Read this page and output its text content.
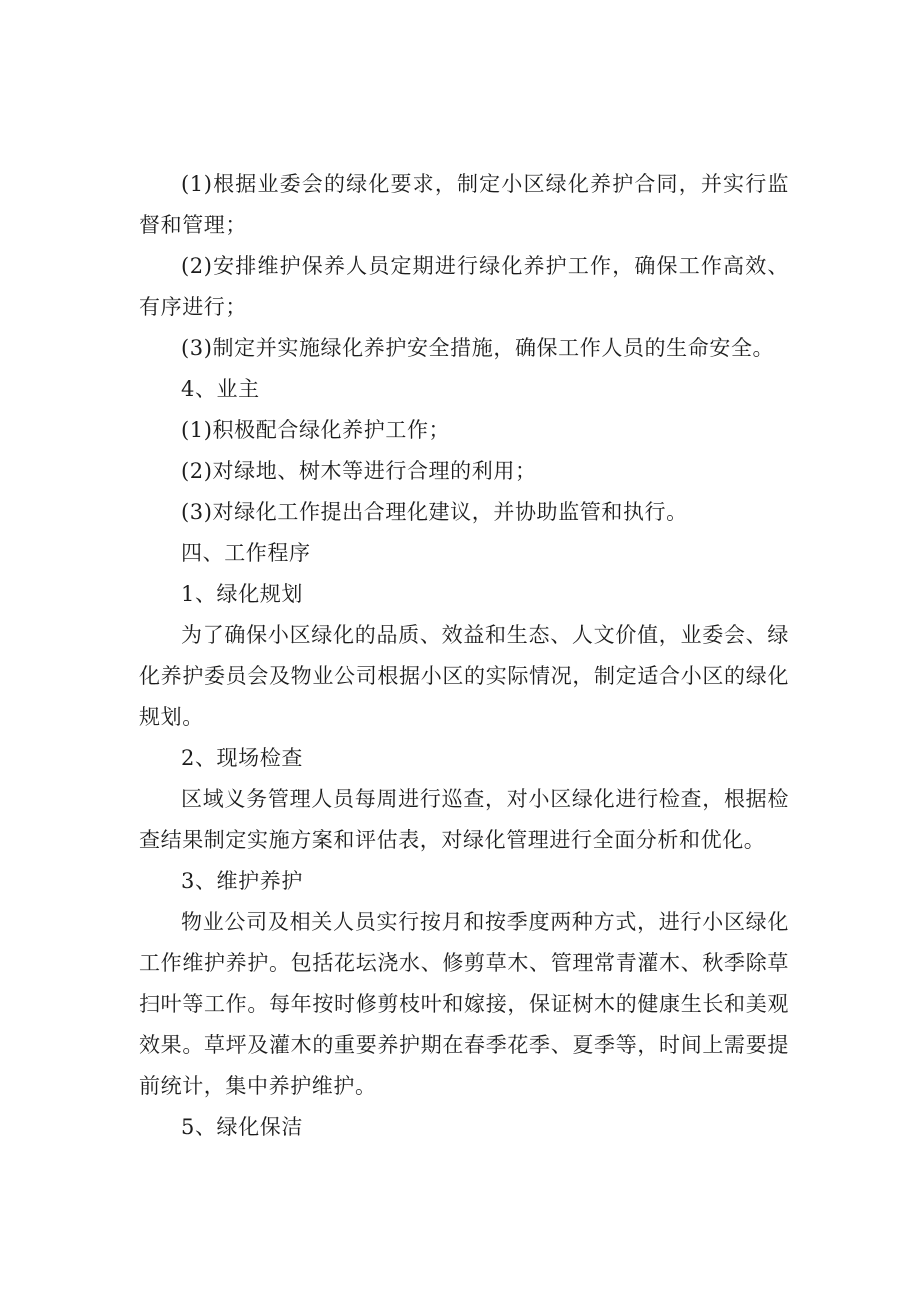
(1)根据业委会的绿化要求，制定小区绿化养护合同，并实行监督和管理；

(2)安排维护保养人员定期进行绿化养护工作，确保工作高效、有序进行；

(3)制定并实施绿化养护安全措施，确保工作人员的生命安全。

4、业主

(1)积极配合绿化养护工作；

(2)对绿地、树木等进行合理的利用；

(3)对绿化工作提出合理化建议，并协助监管和执行。

四、工作程序

1、绿化规划

为了确保小区绿化的品质、效益和生态、人文价值，业委会、绿化养护委员会及物业公司根据小区的实际情况，制定适合小区的绿化规划。

2、现场检查

区域义务管理人员每周进行巡查，对小区绿化进行检查，根据检查结果制定实施方案和评估表，对绿化管理进行全面分析和优化。

3、维护养护

物业公司及相关人员实行按月和按季度两种方式，进行小区绿化工作维护养护。包括花坛浇水、修剪草木、管理常青灌木、秋季除草扫叶等工作。每年按时修剪枝叶和嫁接，保证树木的健康生长和美观效果。草坪及灌木的重要养护期在春季花季、夏季等，时间上需要提前统计，集中养护维护。

5、绿化保洁
